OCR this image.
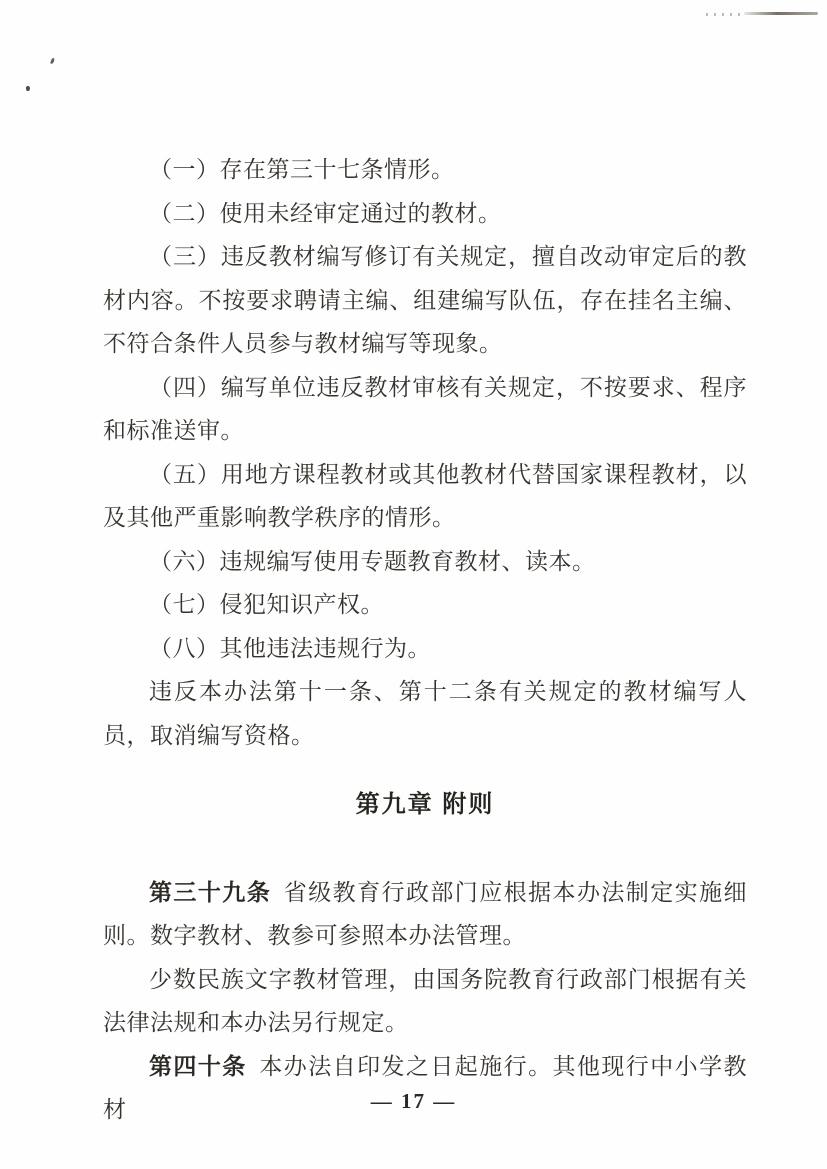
（一）存在第三十七条情形。

（二）使用未经审定通过的教材。

（三）违反教材编写修订有关规定，擅自改动审定后的教材内容。不按要求聘请主编、组建编写队伍，存在挂名主编、不符合条件人员参与教材编写等现象。

（四）编写单位违反教材审核有关规定，不按要求、程序和标准送审。

（五）用地方课程教材或其他教材代替国家课程教材，以及其他严重影响教学秩序的情形。

（六）违规编写使用专题教育教材、读本。

（七）侵犯知识产权。

（八）其他违法违规行为。

违反本办法第十一条、第十二条有关规定的教材编写人员，取消编写资格。

第九章 附则

第三十九条 省级教育行政部门应根据本办法制定实施细则。数字教材、教参可参照本办法管理。

少数民族文字教材管理，由国务院教育行政部门根据有关法律法规和本办法另行规定。

第四十条 本办法自印发之日起施行。其他现行中小学教材	— 17 —
